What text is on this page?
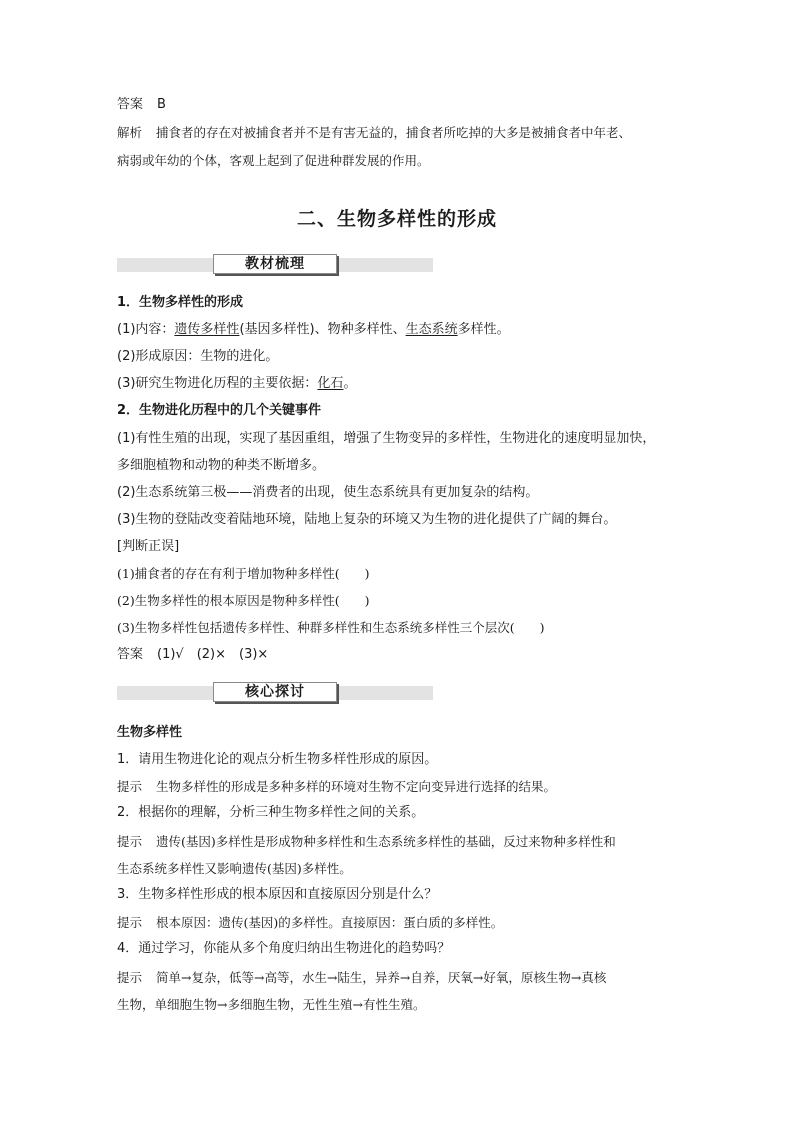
答案 B
解析 捕食者的存在对被捕食者并不是有害无益的，捕食者所吃掉的大多是被捕食者中年老、
病弱或年幼的个体，客观上起到了促进种群发展的作用。
二、生物多样性的形成
教材梳理
1．生物多样性的形成
(1)内容：遗传多样性(基因多样性)、物种多样性、生态系统多样性。
(2)形成原因：生物的进化。
(3)研究生物进化历程的主要依据：化石。
2．生物进化历程中的几个关键事件
(1)有性生殖的出现，实现了基因重组，增强了生物变异的多样性，生物进化的速度明显加快，
多细胞植物和动物的种类不断增多。
(2)生态系统第三极——消费者的出现，使生态系统具有更加复杂的结构。
(3)生物的登陆改变着陆地环境，陆地上复杂的环境又为生物的进化提供了广阔的舞台。
[判断正误]
(1)捕食者的存在有利于增加物种多样性(　　)
(2)生物多样性的根本原因是物种多样性(　　)
(3)生物多样性包括遗传多样性、种群多样性和生态系统多样性三个层次(　　)
答案 (1)√　(2)×　(3)×
核心探讨
生物多样性
1．请用生物进化论的观点分析生物多样性形成的原因。
提示 生物多样性的形成是多种多样的环境对生物不定向变异进行选择的结果。
2．根据你的理解，分析三种生物多样性之间的关系。
提示 遗传(基因)多样性是形成物种多样性和生态系统多样性的基础，反过来物种多样性和
生态系统多样性又影响遗传(基因)多样性。
3．生物多样性形成的根本原因和直接原因分别是什么？
提示 根本原因：遗传(基因)的多样性。直接原因：蛋白质的多样性。
4．通过学习，你能从多个角度归纳出生物进化的趋势吗？
提示 简单→复杂，低等→高等，水生→陆生，异养→自养，厌氧→好氧，原核生物→真核
生物，单细胞生物→多细胞生物，无性生殖→有性生殖。
